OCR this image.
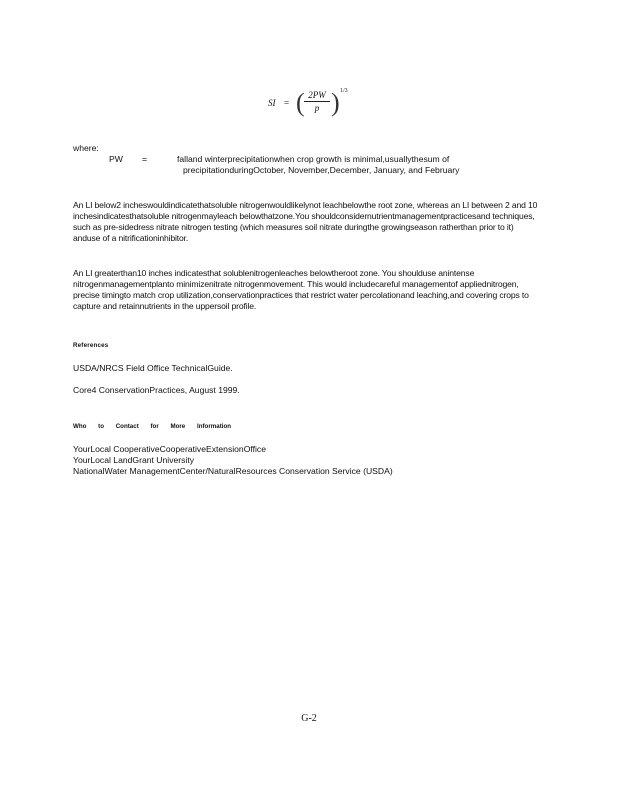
SI = ( 2PW
p ) 1/3
where:
PW =	falland winterprecipitationwhen crop growth is minimal,usuallythesum of
precipitationduringOctober, November,December, January, and February

An LI below2 incheswouldindicatethatsoluble nitrogenwouldlikelynot leachbelowthe root zone, whereas an LI between 2 and 10 inchesindicatesthatsoluble nitrogenmayleach belowthatzone.You shouldconsidernutrientmanagementpracticesand techniques, such as pre-sidedress nitrate nitrogen testing (which measures soil nitrate duringthe growingseason ratherthan prior to it) anduse of a nitrificationinhibitor.

An LI greaterthan10 inches indicatesthat solublenitrogenleaches belowtheroot zone. You shoulduse anintense nitrogenmanagementplanto minimizenitrate nitrogenmovement. This would includecareful managementof appliednitrogen, precise timingto match crop utilization,conservationpractices that restrict water percolationand leaching,and covering crops to capture and retainnutrients in the uppersoil profile.

References
USDA/NRCS Field Office TechnicalGuide.
Core4 ConservationPractices, August 1999.
Who to Contact for More Information
YourLocal CooperativeCooperativeExtensionOffice
YourLocal LandGrant University
NationalWater ManagementCenter/NaturalResources Conservation Service (USDA)
G-2
